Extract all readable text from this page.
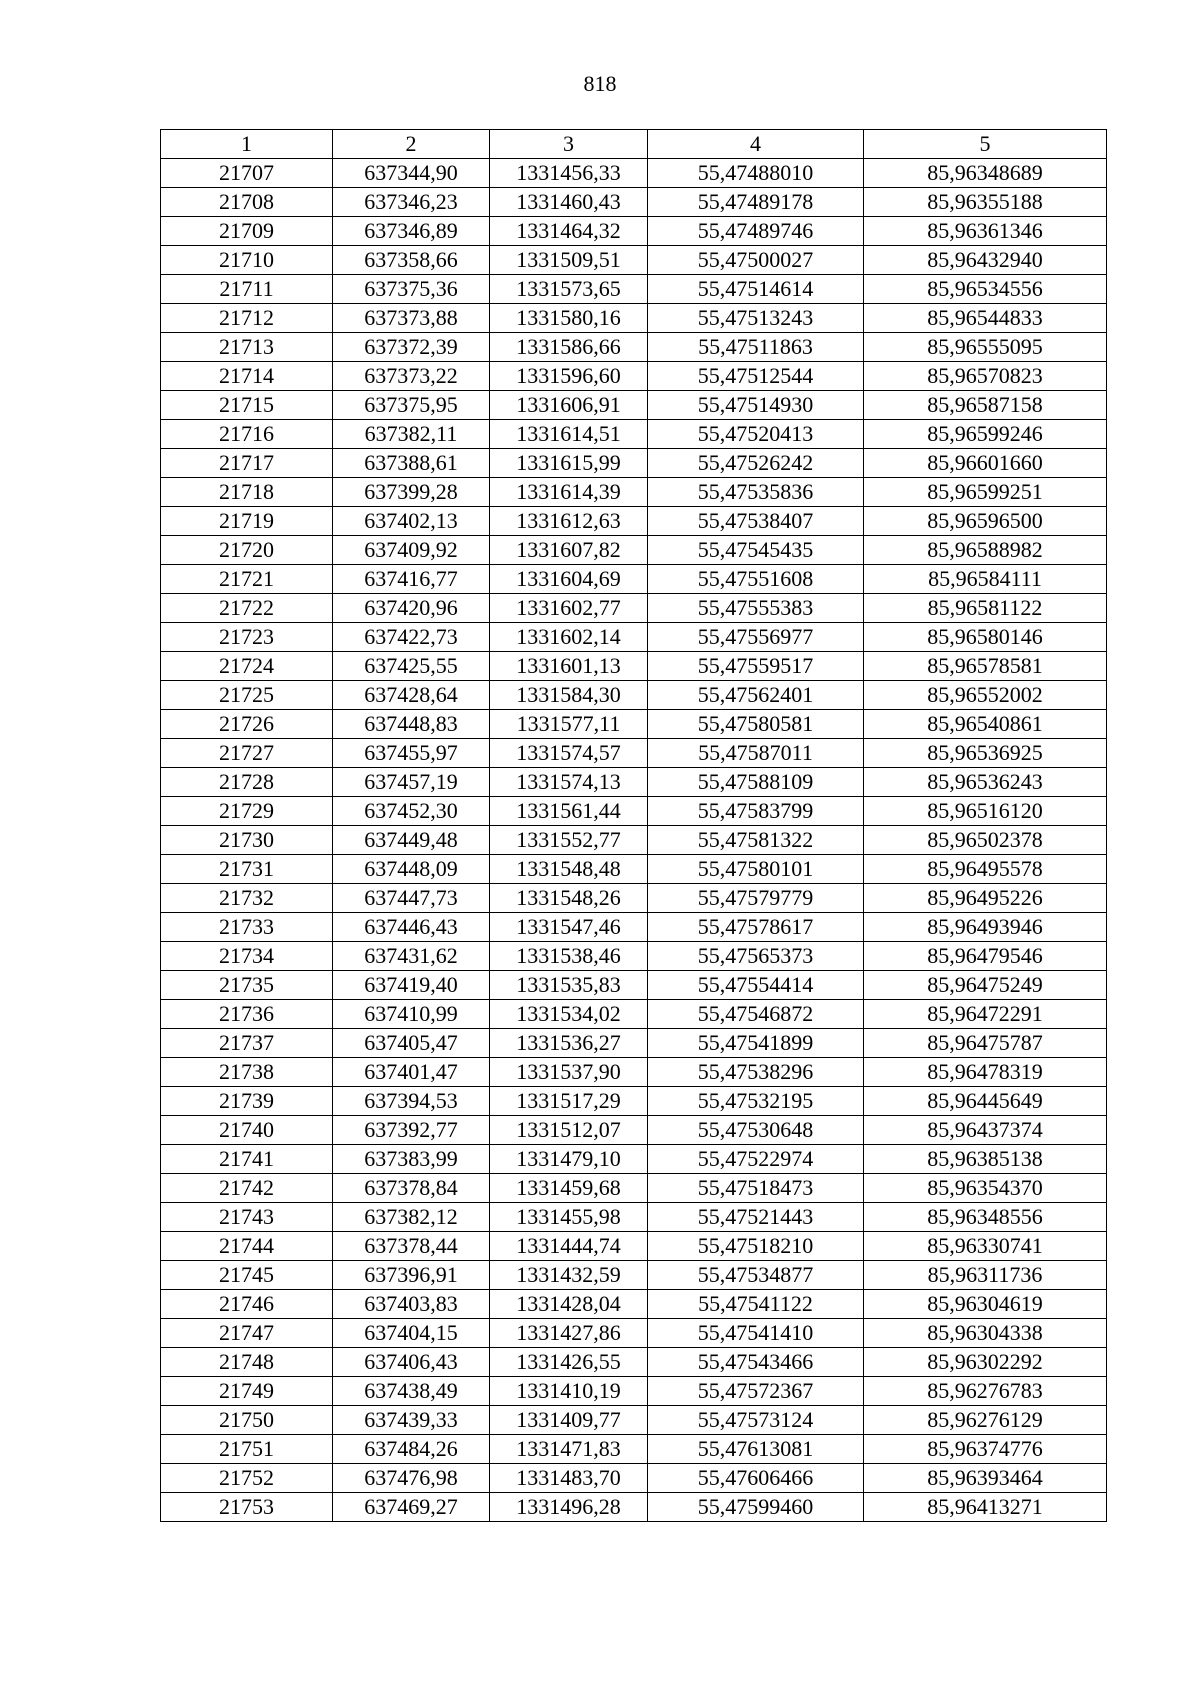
818
1	2	3	4	5
21707	637344,90	1331456,33	55,47488010	85,96348689
21708	637346,23	1331460,43	55,47489178	85,96355188
21709	637346,89	1331464,32	55,47489746	85,96361346
21710	637358,66	1331509,51	55,47500027	85,96432940
21711	637375,36	1331573,65	55,47514614	85,96534556
21712	637373,88	1331580,16	55,47513243	85,96544833
21713	637372,39	1331586,66	55,47511863	85,96555095
21714	637373,22	1331596,60	55,47512544	85,96570823
21715	637375,95	1331606,91	55,47514930	85,96587158
21716	637382,11	1331614,51	55,47520413	85,96599246
21717	637388,61	1331615,99	55,47526242	85,96601660
21718	637399,28	1331614,39	55,47535836	85,96599251
21719	637402,13	1331612,63	55,47538407	85,96596500
21720	637409,92	1331607,82	55,47545435	85,96588982
21721	637416,77	1331604,69	55,47551608	85,96584111
21722	637420,96	1331602,77	55,47555383	85,96581122
21723	637422,73	1331602,14	55,47556977	85,96580146
21724	637425,55	1331601,13	55,47559517	85,96578581
21725	637428,64	1331584,30	55,47562401	85,96552002
21726	637448,83	1331577,11	55,47580581	85,96540861
21727	637455,97	1331574,57	55,47587011	85,96536925
21728	637457,19	1331574,13	55,47588109	85,96536243
21729	637452,30	1331561,44	55,47583799	85,96516120
21730	637449,48	1331552,77	55,47581322	85,96502378
21731	637448,09	1331548,48	55,47580101	85,96495578
21732	637447,73	1331548,26	55,47579779	85,96495226
21733	637446,43	1331547,46	55,47578617	85,96493946
21734	637431,62	1331538,46	55,47565373	85,96479546
21735	637419,40	1331535,83	55,47554414	85,96475249
21736	637410,99	1331534,02	55,47546872	85,96472291
21737	637405,47	1331536,27	55,47541899	85,96475787
21738	637401,47	1331537,90	55,47538296	85,96478319
21739	637394,53	1331517,29	55,47532195	85,96445649
21740	637392,77	1331512,07	55,47530648	85,96437374
21741	637383,99	1331479,10	55,47522974	85,96385138
21742	637378,84	1331459,68	55,47518473	85,96354370
21743	637382,12	1331455,98	55,47521443	85,96348556
21744	637378,44	1331444,74	55,47518210	85,96330741
21745	637396,91	1331432,59	55,47534877	85,96311736
21746	637403,83	1331428,04	55,47541122	85,96304619
21747	637404,15	1331427,86	55,47541410	85,96304338
21748	637406,43	1331426,55	55,47543466	85,96302292
21749	637438,49	1331410,19	55,47572367	85,96276783
21750	637439,33	1331409,77	55,47573124	85,96276129
21751	637484,26	1331471,83	55,47613081	85,96374776
21752	637476,98	1331483,70	55,47606466	85,96393464
21753	637469,27	1331496,28	55,47599460	85,96413271
